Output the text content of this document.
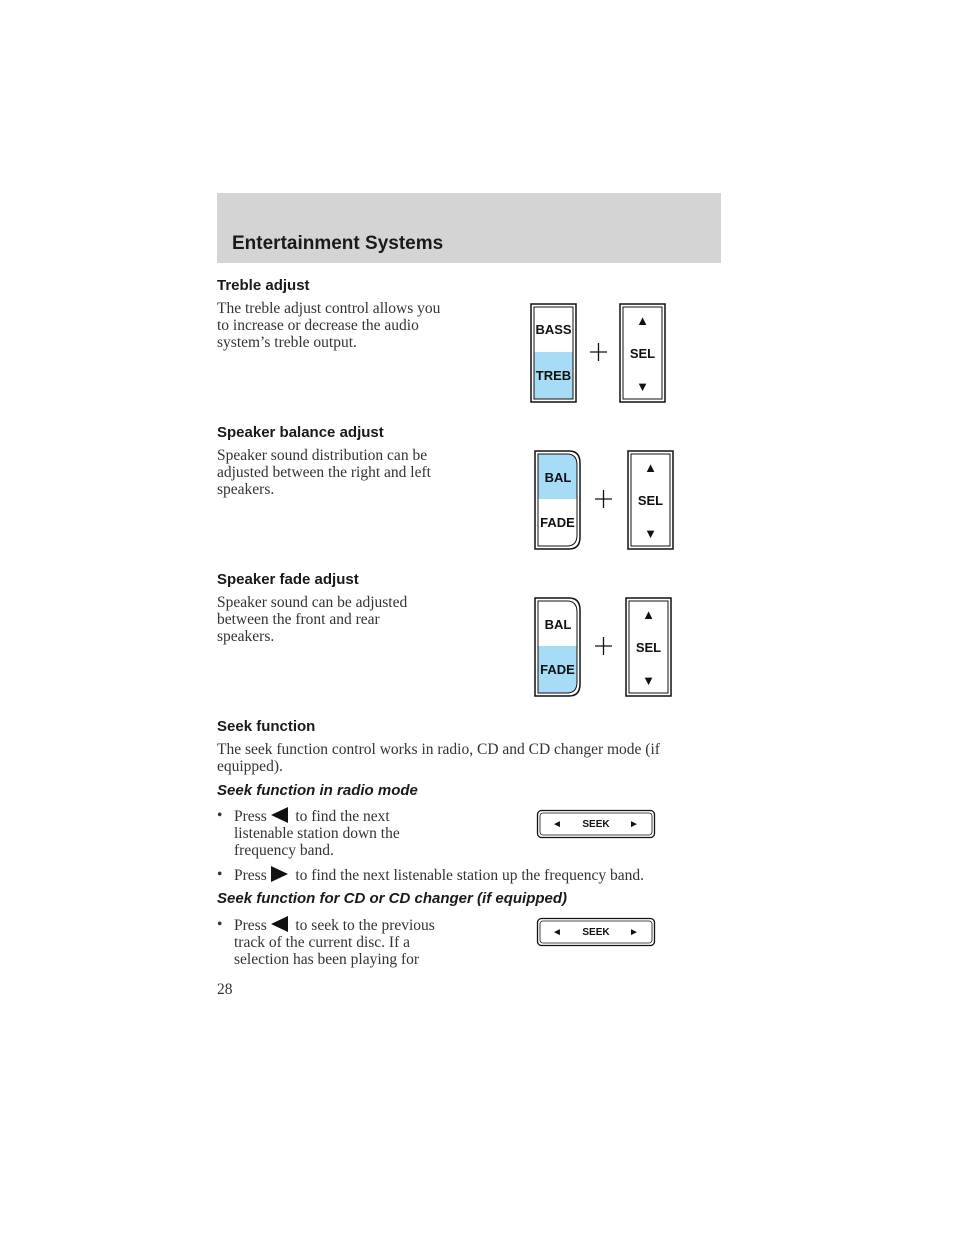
Entertainment Systems
Treble adjust
The treble adjust control allows you
to increase or decrease the audio
system’s treble output.
BASS
TREB
▲
SEL
▼
Speaker balance adjust
Speaker sound distribution can be
adjusted between the right and left
speakers.
BAL
FADE
▲
SEL
▼
Speaker fade adjust
Speaker sound can be adjusted
between the front and rear
speakers.
BAL
FADE
▲
SEL
▼
Seek function
The seek function control works in radio, CD and CD changer mode (if
equipped).
Seek function in radio mode
• Press to find the next
listenable station down the
frequency band.
◄ SEEK ►
• Press to find the next listenable station up the frequency band.
Seek function for CD or CD changer (if equipped)
• Press to seek to the previous
track of the current disc. If a
selection has been playing for
◄ SEEK ►
28
